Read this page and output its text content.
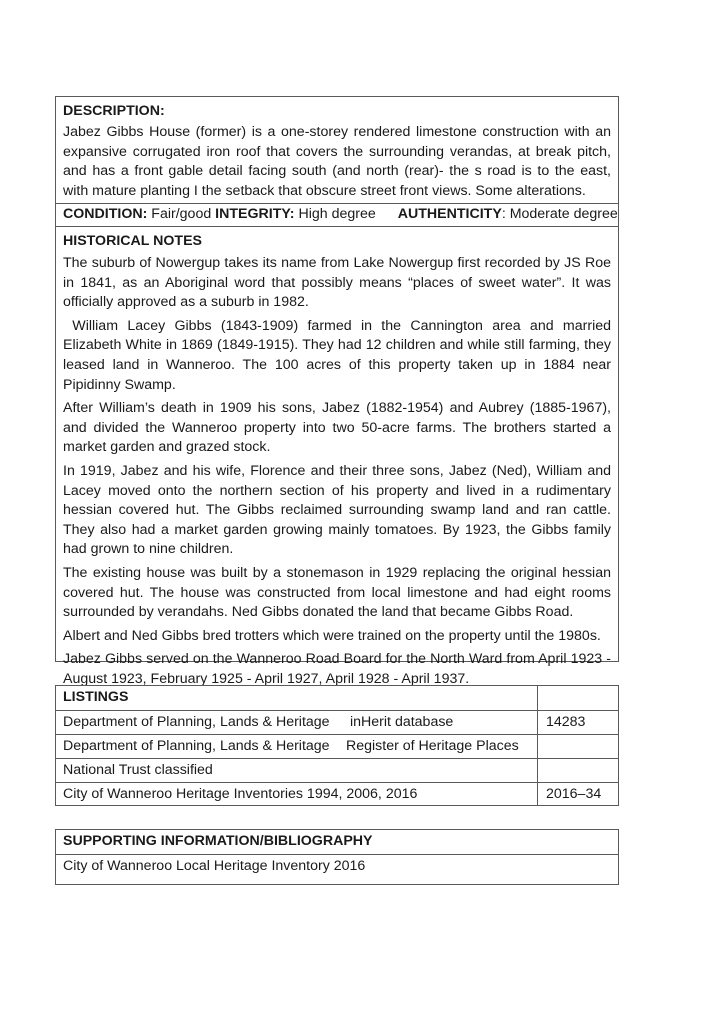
DESCRIPTION:

Jabez Gibbs House (former) is a one-storey rendered limestone construction with an expansive corrugated iron roof that covers the surrounding verandas, at break pitch, and has a front gable detail facing south (and north (rear)- the s road is to the east, with mature planting I the setback that obscure street front views. Some alterations.

CONDITION: Fair/good INTEGRITY: High degree AUTHENTICITY: Moderate degree
HISTORICAL NOTES

The suburb of Nowergup takes its name from Lake Nowergup first recorded by JS Roe in 1841, as an Aboriginal word that possibly means “places of sweet water”. It was officially approved as a suburb in 1982.

William Lacey Gibbs (1843-1909) farmed in the Cannington area and married Elizabeth White in 1869 (1849-1915). They had 12 children and while still farming, they leased land in Wanneroo. The 100 acres of this property taken up in 1884 near Pipidinny Swamp.

After William’s death in 1909 his sons, Jabez (1882-1954) and Aubrey (1885-1967), and divided the Wanneroo property into two 50-acre farms. The brothers started a market garden and grazed stock.

In 1919, Jabez and his wife, Florence and their three sons, Jabez (Ned), William and Lacey moved onto the northern section of his property and lived in a rudimentary hessian covered hut. The Gibbs reclaimed surrounding swamp land and ran cattle. They also had a market garden growing mainly tomatoes. By 1923, the Gibbs family had grown to nine children.

The existing house was built by a stonemason in 1929 replacing the original hessian covered hut. The house was constructed from local limestone and had eight rooms surrounded by verandahs. Ned Gibbs donated the land that became Gibbs Road.

Albert and Ned Gibbs bred trotters which were trained on the property until the 1980s.

Jabez Gibbs served on the Wanneroo Road Board for the North Ward from April 1923 - August 1923, February 1925 - April 1927, April 1928 - April 1937.

LISTINGS
Department of Planning, Lands & Heritage inHerit database	14283
Department of Planning, Lands & Heritage Register of Heritage Places
National Trust classified
City of Wanneroo Heritage Inventories 1994, 2006, 2016	2016–34
SUPPORTING INFORMATION/BIBLIOGRAPHY
City of Wanneroo Local Heritage Inventory 2016
